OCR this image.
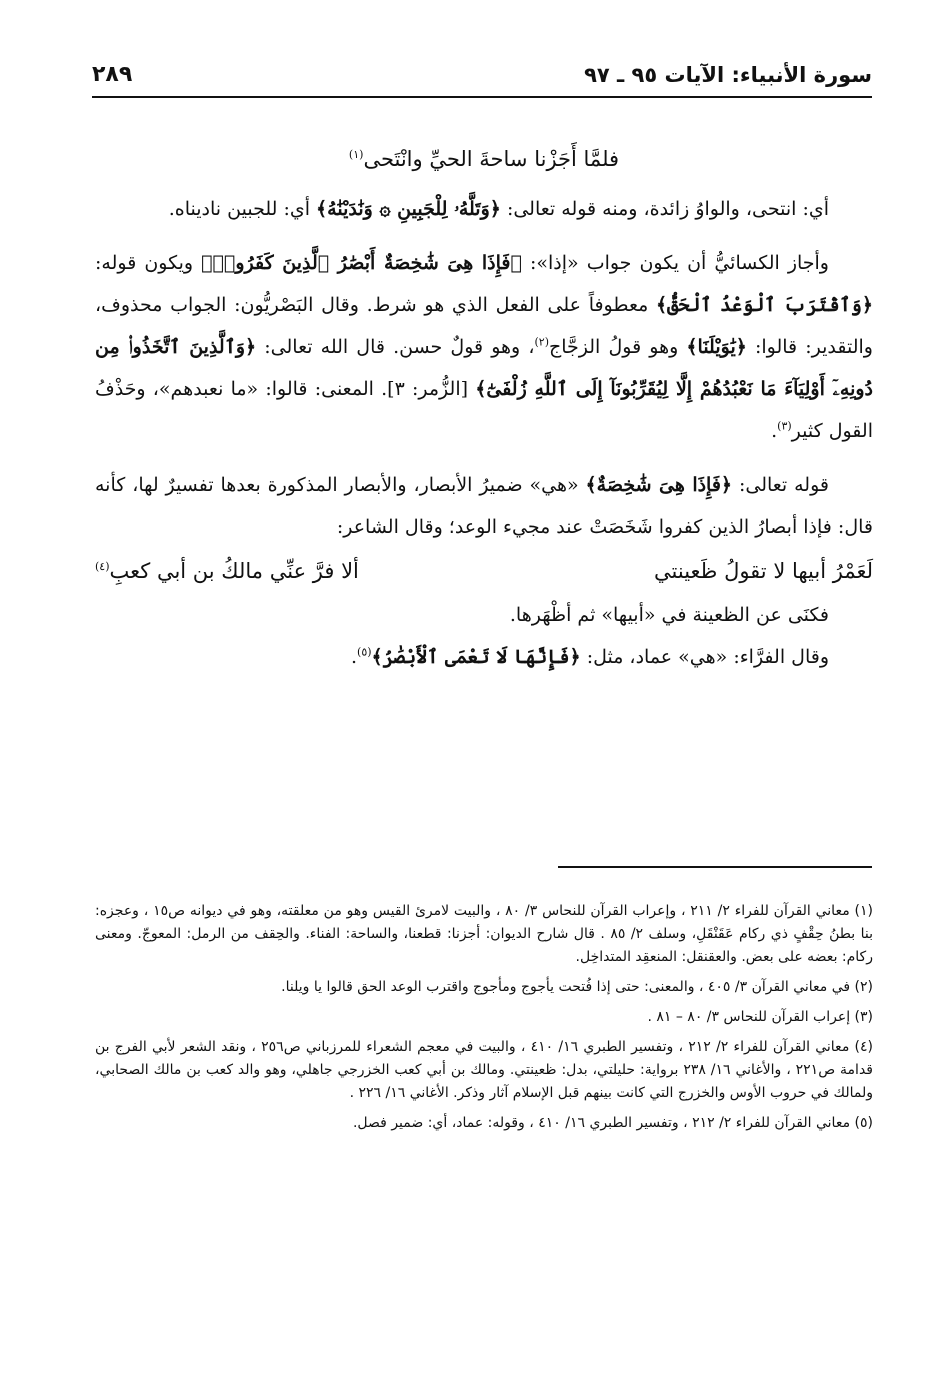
سورة الأنبياء: الآيات ٩٥ ـ ٩٧
٢٨٩

فلمَّا أَجَزْنا ساحةَ الحيِّ وانْتَحى$^{(١)}$

أي: انتحى، والواوُ زائدة، ومنه قوله تعالى: ﴿وَتَلَّهُۥ لِلْجَبِينِ ۞ وَنَٰدَيْنَٰهُ﴾ أي: للجبين ناديناه.

وأجاز الكسائيُّ أن يكون جواب «إذا»: ﴿فَإِذَا هِىَ شَٰخِصَةٌ أَبْصَٰرُ ٱلَّذِينَ كَفَرُوا۟﴾ ويكون قوله: ﴿وَٱقْتَرَبَ ٱلْوَعْدُ ٱلْحَقُّ﴾ معطوفاً على الفعل الذي هو شرط. وقال البَصْريُّون: الجواب محذوف، والتقدير: قالوا: ﴿يَٰوَيْلَنَا﴾ وهو قولُ الزجَّاج$^{(٢)}$، وهو قولٌ حسن. قال الله تعالى: ﴿وَٱلَّذِينَ ٱتَّخَذُوا۟ مِن دُونِهِۦٓ أَوْلِيَآءَ مَا نَعْبُدُهُمْ إِلَّا لِيُقَرِّبُونَآ إِلَى ٱللَّهِ زُلْفَىٰٓ﴾ [الزُّمر: ٣]. المعنى: قالوا: «ما نعبدهم»، وحَذْفُ القول كثير$^{(٣)}$.

قوله تعالى: ﴿فَإِذَا هِىَ شَٰخِصَةٌ﴾ «هي» ضميرُ الأبصار، والأبصار المذكورة بعدها تفسيرٌ لها، كأنه قال: فإذا أبصارُ الذين كفروا شَخَصَتْ عند مجيء الوعد؛ وقال الشاعر:

لَعَمْرُ أبيها لا تقولُ ظَعينتي
ألا فرَّ عنِّي مالكُ بن أبي كعبِ$^{(٤)}$

فكنَى عن الظعينة في «أبيها» ثم أظْهَرها.

وقال الفرَّاء: «هي» عماد، مثل: ﴿فَإِنَّهَا لَا تَعْمَى ٱلْأَبْصَٰرُ﴾$^{(٥)}$.

(١) معاني القرآن للفراء ٢/ ٢١١ ، وإعراب القرآن للنحاس ٣/ ٨٠ ، والبيت لامرئ القيس وهو من معلقته، وهو في ديوانه ص١٥ ، وعجزه: بنا بطنُ حِقْفٍ ذي ركام عَقَنْقَلِ، وسلف ٢/ ٨٥ . قال شارح الديوان: أجزنا: قطعنا، والساحة: الفناء. والحِقف من الرمل: المعوجّ. ومعنى ركام: بعضه على بعض. والعقنقل: المنعقِد المتداخِل.

(٢) في معاني القرآن ٣/ ٤٠٥ ، والمعنى: حتى إذا فُتحت يأجوج ومأجوج واقترب الوعد الحق قالوا يا ويلنا.

(٣) إعراب القرآن للنحاس ٣/ ٨٠ – ٨١ .

(٤) معاني القرآن للفراء ٢/ ٢١٢ ، وتفسير الطبري ١٦/ ٤١٠ ، والبيت في معجم الشعراء للمرزباني ص٢٥٦ ، ونقد الشعر لأبي الفرج بن قدامة ص٢٢١ ، والأغاني ١٦/ ٢٣٨ برواية: حليلتي، بدل: ظعينتي. ومالك بن أبي كعب الخزرجي جاهلي، وهو والد كعب بن مالك الصحابي، ولمالك في حروب الأوس والخزرج التي كانت بينهم قبل الإسلام آثار وذكر. الأغاني ١٦/ ٢٢٦ .

(٥) معاني القرآن للفراء ٢/ ٢١٢ ، وتفسير الطبري ١٦/ ٤١٠ ، وقوله: عماد، أي: ضمير فصل.
